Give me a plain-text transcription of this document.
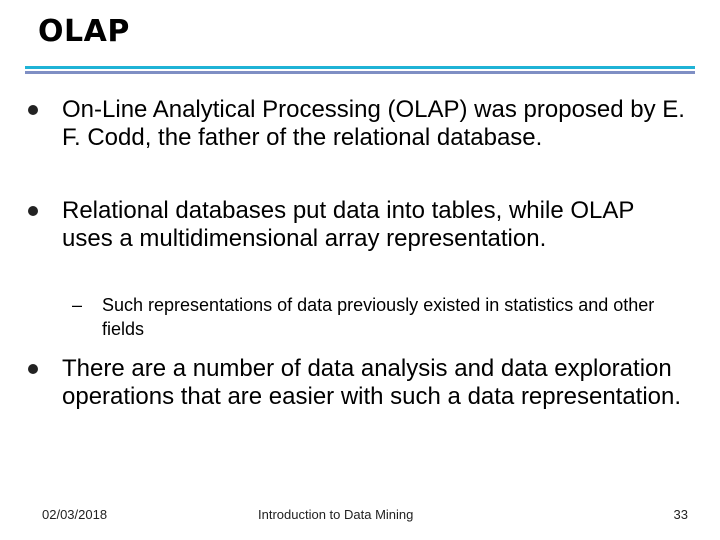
OLAP
On-Line Analytical Processing (OLAP) was proposed by E. F. Codd, the father of the relational database.
Relational databases put data into tables, while OLAP uses a multidimensional array representation.
– Such representations of data previously existed in statistics and other fields
There are a number of data analysis and data exploration operations that are easier with such a data representation.
02/03/2018	Introduction to Data Mining	33
